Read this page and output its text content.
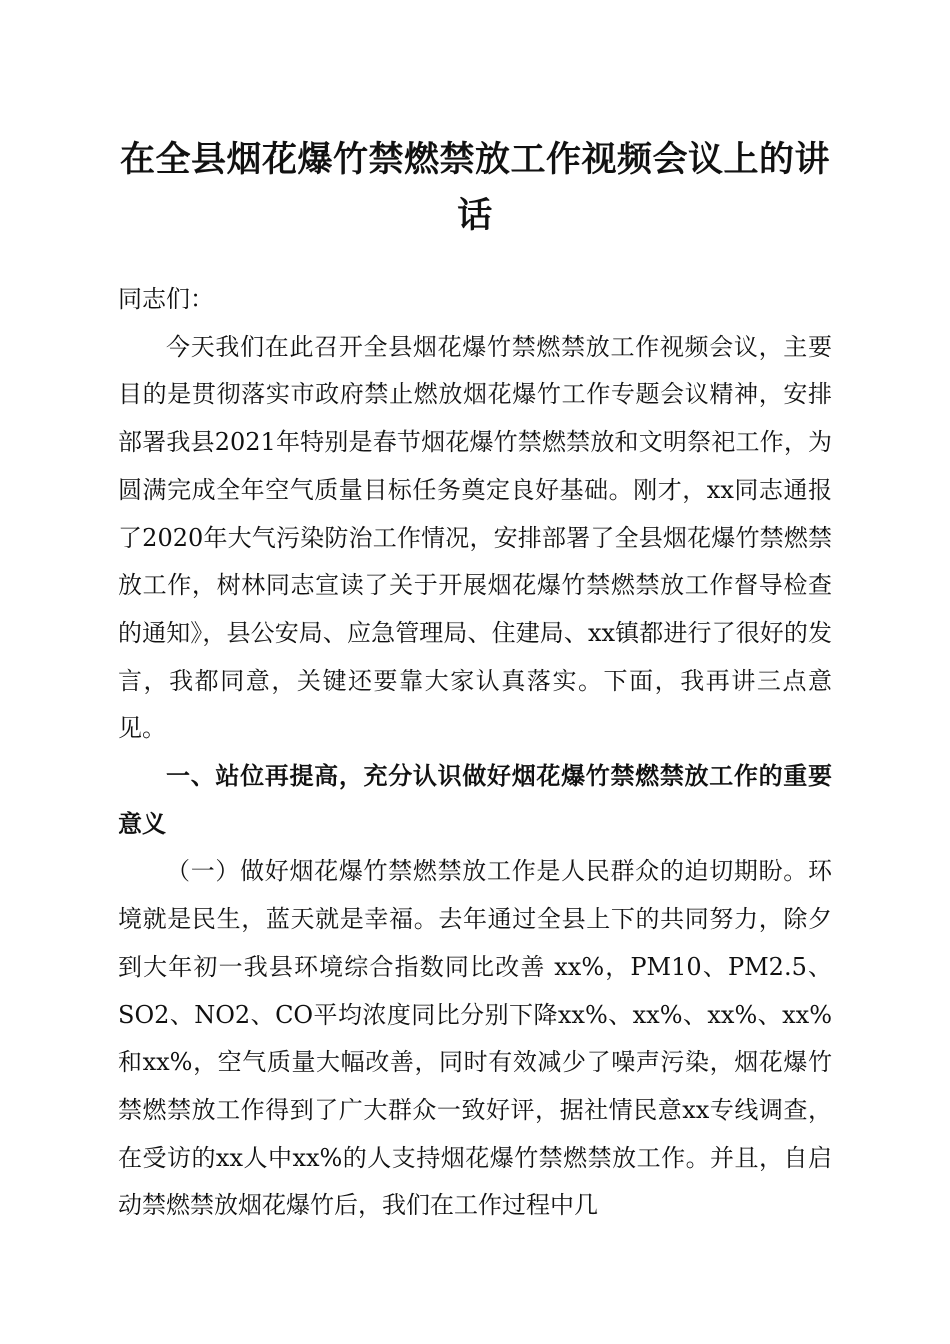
在全县烟花爆竹禁燃禁放工作视频会议上的讲话

同志们：

今天我们在此召开全县烟花爆竹禁燃禁放工作视频会议，主要目的是贯彻落实市政府禁止燃放烟花爆竹工作专题会议精神，安排部署我县2021年特别是春节烟花爆竹禁燃禁放和文明祭祀工作，为圆满完成全年空气质量目标任务奠定良好基础。刚才，xx同志通报了2020年大气污染防治工作情况，安排部署了全县烟花爆竹禁燃禁放工作，树林同志宣读了关于开展烟花爆竹禁燃禁放工作督导检查的通知》，县公安局、应急管理局、住建局、xx镇都进行了很好的发言，我都同意，关键还要靠大家认真落实。下面，我再讲三点意见。

一、站位再提高，充分认识做好烟花爆竹禁燃禁放工作的重要意义

（一）做好烟花爆竹禁燃禁放工作是人民群众的迫切期盼。环境就是民生，蓝天就是幸福。去年通过全县上下的共同努力，除夕到大年初一我县环境综合指数同比改善 xx%，PM10、PM2.5、SO2、NO2、CO平均浓度同比分别下降xx%、xx%、xx%、xx%和xx%，空气质量大幅改善，同时有效减少了噪声污染，烟花爆竹禁燃禁放工作得到了广大群众一致好评，据社情民意xx专线调查，在受访的xx人中xx%的人支持烟花爆竹禁燃禁放工作。并且，自启动禁燃禁放烟花爆竹后，我们在工作过程中几
